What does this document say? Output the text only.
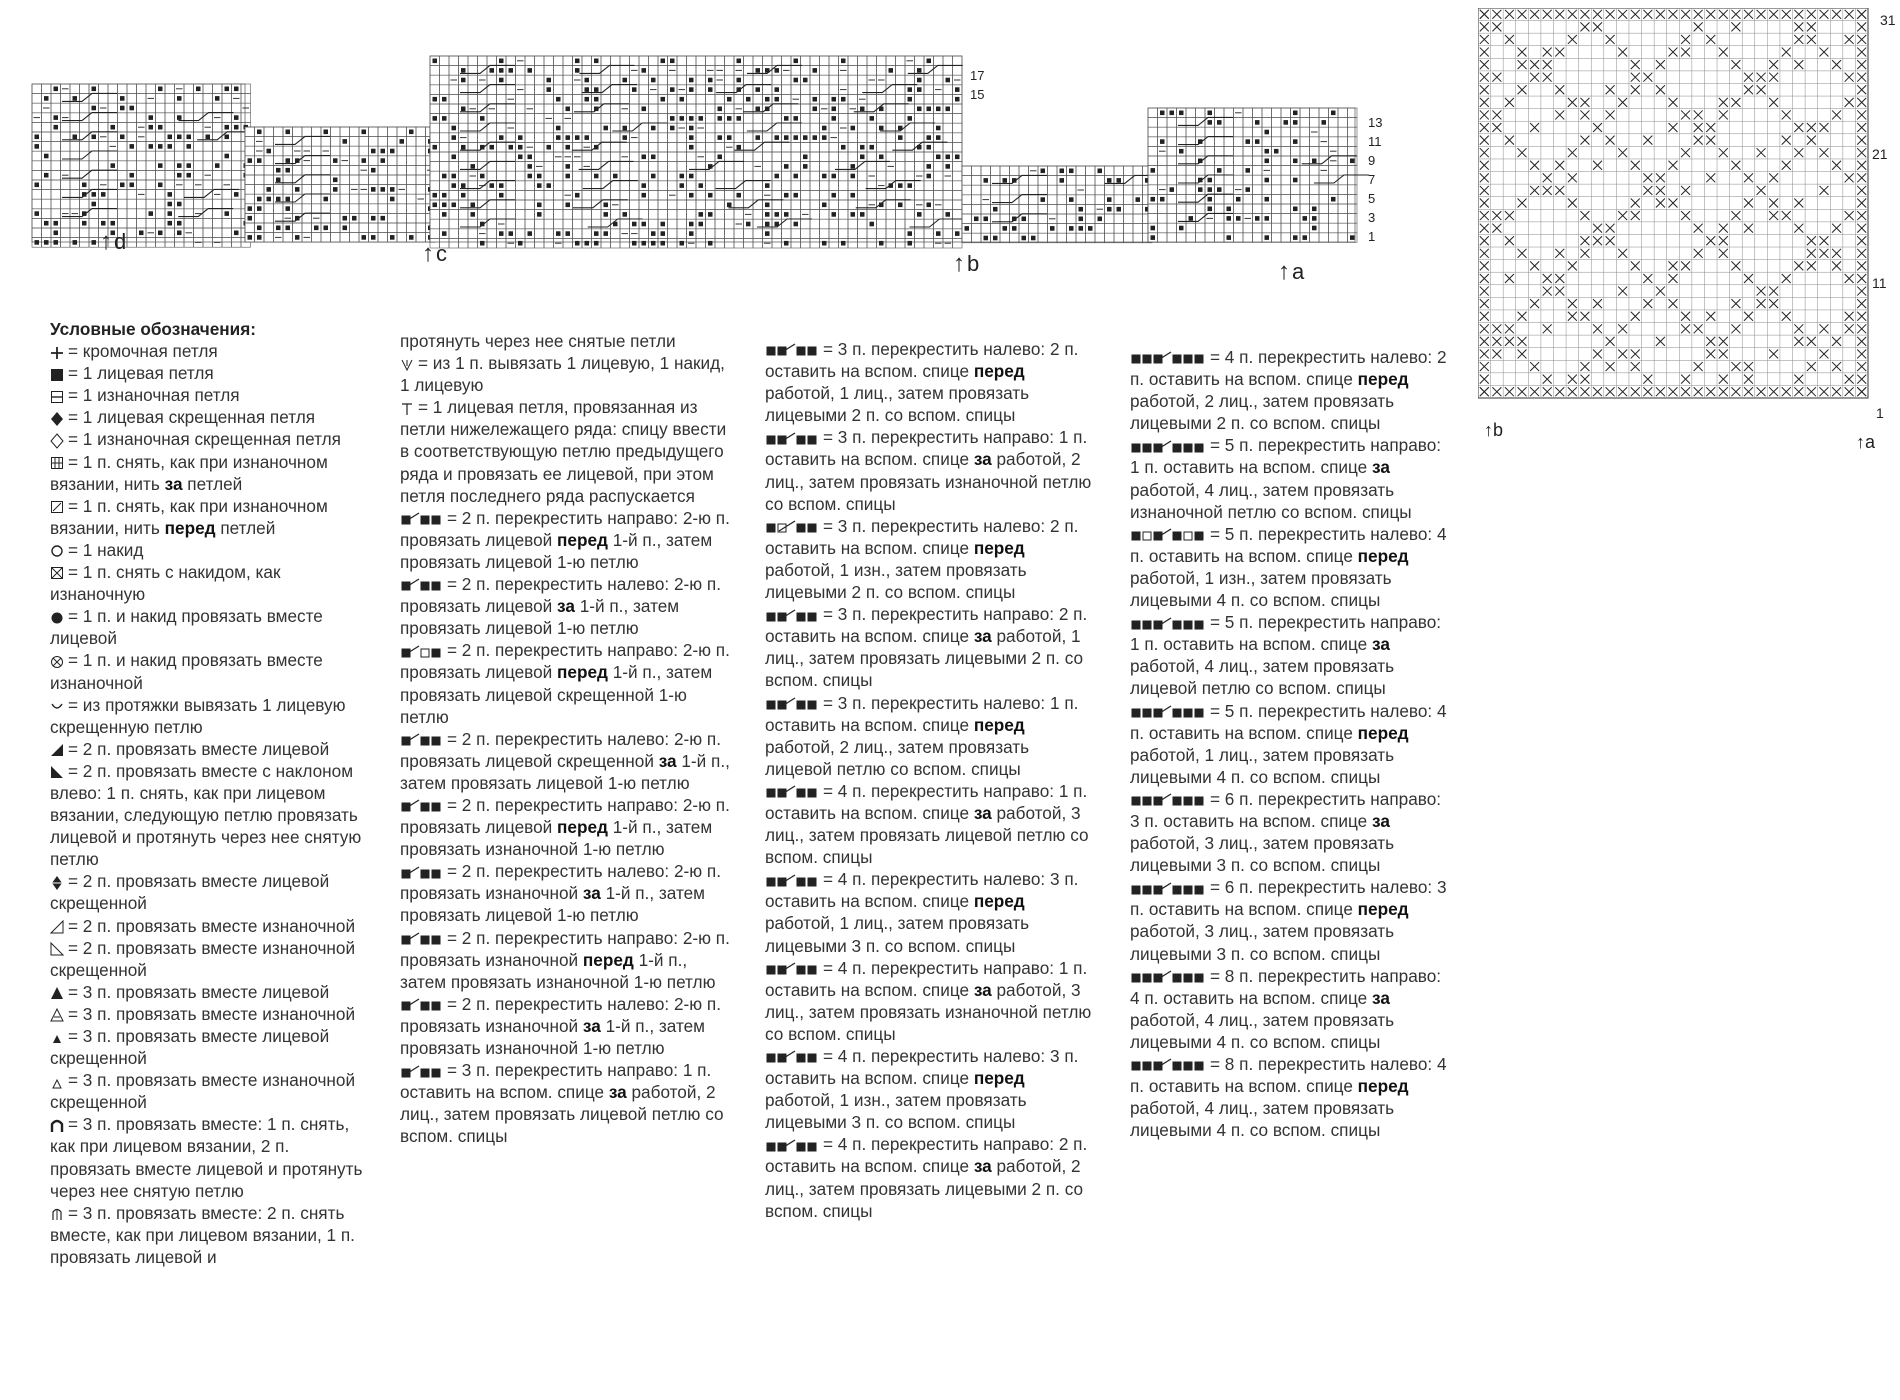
17
15
13
11
9
7
5
3
1
↑d	↑c	↑b	↑a
31
21
11
1
↑b
↑a
Условные обозначения:
= кромочная петля
= 1 лицевая петля
= 1 изнаночная петля
= 1 лицевая скрещенная петля
= 1 изнаночная скрещенная петля
= 1 п. снять, как при изнаночном вязании, нить за петлей
= 1 п. снять, как при изнаночном вязании, нить перед петлей
= 1 накид
= 1 п. снять с накидом, как изнаночную
= 1 п. и накид провязать вместе лицевой
= 1 п. и накид провязать вместе изнаночной
= из протяжки вывязать 1 лицевую скрещенную петлю
= 2 п. провязать вместе лицевой
= 2 п. провязать вместе с наклоном влево: 1 п. снять, как при лицевом вязании, следующую петлю провязать лицевой и протянуть через нее снятую петлю
= 2 п. провязать вместе лицевой скрещенной
= 2 п. провязать вместе изнаночной
= 2 п. провязать вместе изнаночной скрещенной
= 3 п. провязать вместе лицевой
= 3 п. провязать вместе изнаночной
= 3 п. провязать вместе лицевой скрещенной
= 3 п. провязать вместе изнаночной скрещенной
= 3 п. провязать вместе: 1 п. снять, как при лицевом вязании, 2 п. провязать вместе лицевой и протянуть через нее снятую петлю
= 3 п. провязать вместе: 2 п. снять вместе, как при лицевом вязании, 1 п. провязать лицевой и
протянуть через нее снятые петли
= из 1 п. вывязать 1 лицевую, 1 накид, 1 лицевую
= 1 лицевая петля, провязанная из петли нижележащего ряда: спицу ввести в соответствующую петлю предыдущего ряда и провязать ее лицевой, при этом петля последнего ряда распускается
= 2 п. перекрестить направо: 2-ю п. провязать лицевой перед 1-й п., затем провязать лицевой 1-ю петлю
= 2 п. перекрестить налево: 2-ю п. провязать лицевой за 1-й п., затем провязать лицевой 1-ю петлю
= 2 п. перекрестить направо: 2-ю п. провязать лицевой перед 1-й п., затем провязать лицевой скрещенной 1-ю петлю
= 2 п. перекрестить налево: 2-ю п. провязать лицевой скрещенной за 1-й п., затем провязать лицевой 1-ю петлю
= 2 п. перекрестить направо: 2-ю п. провязать лицевой перед 1-й п., затем провязать изнаночной 1-ю петлю
= 2 п. перекрестить налево: 2-ю п. провязать изнаночной за 1-й п., затем провязать лицевой 1-ю петлю
= 2 п. перекрестить направо: 2-ю п. провязать изнаночной перед 1-й п., затем провязать изнаночной 1-ю петлю
= 2 п. перекрестить налево: 2-ю п. провязать изнаночной за 1-й п., затем провязать изнаночной 1-ю петлю
= 3 п. перекрестить направо: 1 п. оставить на вспом. спице за работой, 2 лиц., затем провязать лицевой петлю со вспом. спицы
= 3 п. перекрестить налево: 2 п. оставить на вспом. спице перед работой, 1 лиц., затем провязать лицевыми 2 п. со вспом. спицы
= 3 п. перекрестить направо: 1 п. оставить на вспом. спице за работой, 2 лиц., затем провязать изнаночной петлю со вспом. спицы
= 3 п. перекрестить налево: 2 п. оставить на вспом. спице перед работой, 1 изн., затем провязать лицевыми 2 п. со вспом. спицы
= 3 п. перекрестить направо: 2 п. оставить на вспом. спице за работой, 1 лиц., затем провязать лицевыми 2 п. со вспом. спицы
= 3 п. перекрестить налево: 1 п. оставить на вспом. спице перед работой, 2 лиц., затем провязать лицевой петлю со вспом. спицы
= 4 п. перекрестить направо: 1 п. оставить на вспом. спице за работой, 3 лиц., затем провязать лицевой петлю со вспом. спицы
= 4 п. перекрестить налево: 3 п. оставить на вспом. спице перед работой, 1 лиц., затем провязать лицевыми 3 п. со вспом. спицы
= 4 п. перекрестить направо: 1 п. оставить на вспом. спице за работой, 3 лиц., затем провязать изнаночной петлю со вспом. спицы
= 4 п. перекрестить налево: 3 п. оставить на вспом. спице перед работой, 1 изн., затем провязать лицевыми 3 п. со вспом. спицы
= 4 п. перекрестить направо: 2 п. оставить на вспом. спице за работой, 2 лиц., затем провязать лицевыми 2 п. со вспом. спицы
= 4 п. перекрестить налево: 2 п. оставить на вспом. спице перед работой, 2 лиц., затем провязать лицевыми 2 п. со вспом. спицы
= 5 п. перекрестить направо: 1 п. оставить на вспом. спице за работой, 4 лиц., затем провязать изнаночной петлю со вспом. спицы
= 5 п. перекрестить налево: 4 п. оставить на вспом. спице перед работой, 1 изн., затем провязать лицевыми 4 п. со вспом. спицы
= 5 п. перекрестить направо: 1 п. оставить на вспом. спице за работой, 4 лиц., затем провязать лицевой петлю со вспом. спицы
= 5 п. перекрестить налево: 4 п. оставить на вспом. спице перед работой, 1 лиц., затем провязать лицевыми 4 п. со вспом. спицы
= 6 п. перекрестить направо: 3 п. оставить на вспом. спице за работой, 3 лиц., затем провязать лицевыми 3 п. со вспом. спицы
= 6 п. перекрестить налево: 3 п. оставить на вспом. спице перед работой, 3 лиц., затем провязать лицевыми 3 п. со вспом. спицы
= 8 п. перекрестить направо: 4 п. оставить на вспом. спице за работой, 4 лиц., затем провязать лицевыми 4 п. со вспом. спицы
= 8 п. перекрестить налево: 4 п. оставить на вспом. спице перед работой, 4 лиц., затем провязать лицевыми 4 п. со вспом. спицы
